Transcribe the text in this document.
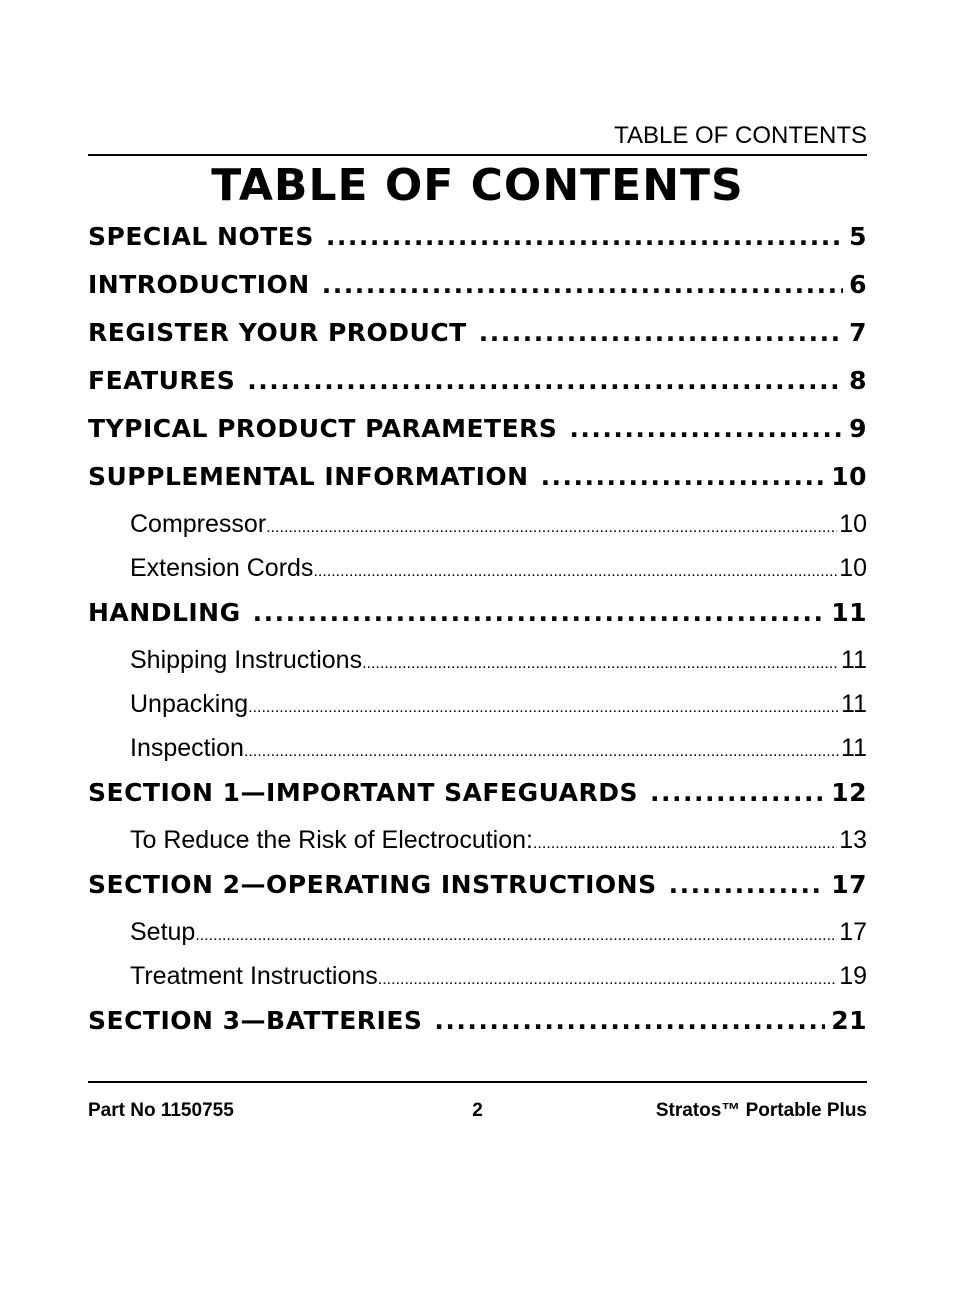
TABLE OF CONTENTS
TABLE OF CONTENTS
SPECIAL NOTES .....	5
INTRODUCTION .....	6
REGISTER YOUR PRODUCT .....	7
FEATURES .....	8
TYPICAL PRODUCT PARAMETERS .....	9
SUPPLEMENTAL INFORMATION .....	10
Compressor .....	10
Extension Cords .....	10
HANDLING .....	11
Shipping Instructions .....	11
Unpacking .....	11
Inspection .....	11
SECTION 1—IMPORTANT SAFEGUARDS .....	12
To Reduce the Risk of Electrocution: .....	13
SECTION 2—OPERATING INSTRUCTIONS .....	17
Setup .....	17
Treatment Instructions .....	19
SECTION 3—BATTERIES .....	21
Part No 1150755	2	Stratos™ Portable Plus
